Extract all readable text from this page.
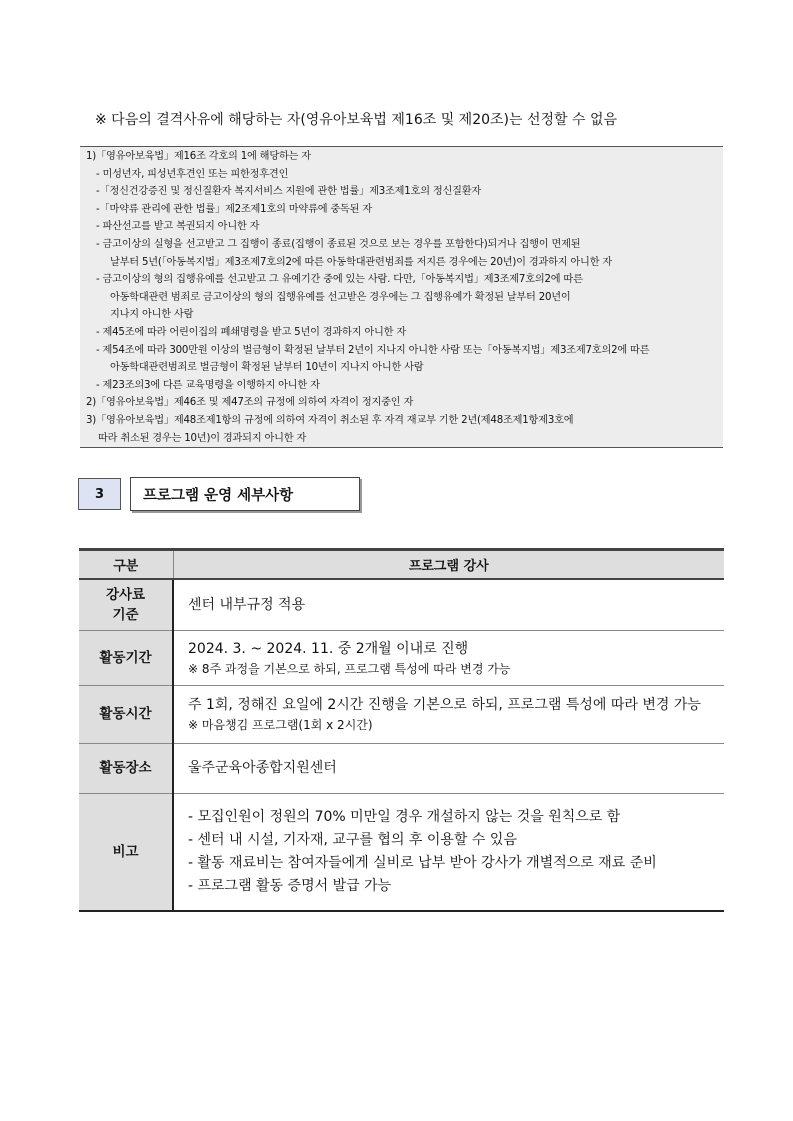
※ 다음의 결격사유에 해당하는 자(영유아보육법 제16조 및 제20조)는 선정할 수 없음
1)「영유아보육법」제16조 각호의 1에 해당하는 자
- 미성년자, 피성년후견인 또는 피한정후견인
-「정신건강증진 및 정신질환자 복지서비스 지원에 관한 법률」제3조제1호의 정신질환자
-「마약류 관리에 관한 법률」제2조제1호의 마약류에 중독된 자
- 파산선고를 받고 복권되지 아니한 자
- 금고이상의 실형을 선고받고 그 집행이 종료(집행이 종료된 것으로 보는 경우를 포함한다)되거나 집행이 면제된
날부터 5년(「아동복지법」제3조제7호의2에 따른 아동학대관련범죄를 저지른 경우에는 20년)이 경과하지 아니한 자
- 금고이상의 형의 집행유예를 선고받고 그 유예기간 중에 있는 사람. 다만,「아동복지법」제3조제7호의2에 따른
아동학대관련 범죄로 금고이상의 형의 집행유예를 선고받은 경우에는 그 집행유예가 확정된 날부터 20년이
지나지 아니한 사람
- 제45조에 따라 어린이집의 폐쇄명령을 받고 5년이 경과하지 아니한 자
- 제54조에 따라 300만원 이상의 벌금형이 확정된 날부터 2년이 지나지 아니한 사람 또는「아동복지법」제3조제7호의2에 따른
아동학대관련범죄로 벌금형이 확정된 날부터 10년이 지나지 아니한 사람
- 제23조의3에 다른 교육명령을 이행하지 아니한 자
2)「영유아보육법」제46조 및 제47조의 규정에 의하여 자격이 정지중인 자
3)「영유아보육법」제48조제1항의 규정에 의하여 자격이 취소된 후 자격 재교부 기한 2년(제48조제1항제3호에
따라 취소된 경우는 10년)이 경과되지 아니한 자
3	프로그램 운영 세부사항
구분	프로그램 강사

강사료
기준	센터 내부규정 적용
활동기간	2024. 3. ~ 2024. 11. 중 2개월 이내로 진행
※ 8주 과정을 기본으로 하되, 프로그램 특성에 따라 변경 가능

활동시간	주 1회, 정해진 요일에 2시간 진행을 기본으로 하되, 프로그램 특성에 따라 변경 가능
※ 마음챙김 프로그램(1회 x 2시간)

활동장소	울주군육아종합지원센터
비고	- 모집인원이 정원의 70% 미만일 경우 개설하지 않는 것을 원칙으로 함
- 센터 내 시설, 기자재, 교구를 협의 후 이용할 수 있음
- 활동 재료비는 참여자들에게 실비로 납부 받아 강사가 개별적으로 재료 준비
- 프로그램 활동 증명서 발급 가능
